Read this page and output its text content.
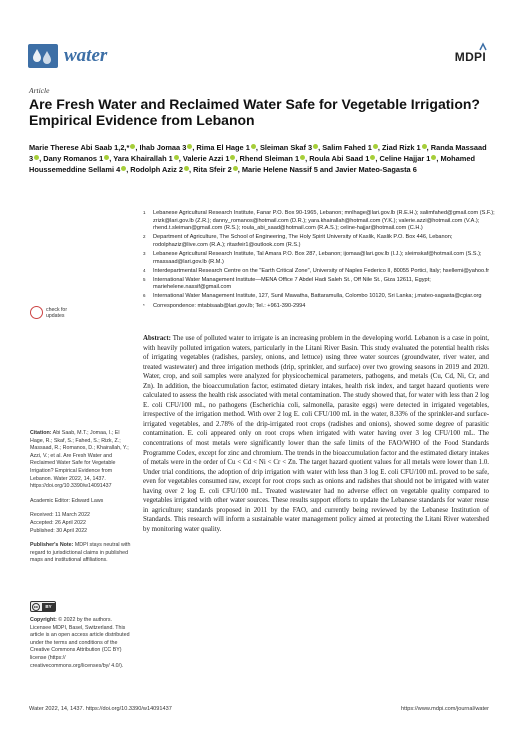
water	MDPI
Article
Are Fresh Water and Reclaimed Water Safe for Vegetable Irrigation? Empirical Evidence from Lebanon
Marie Therese Abi Saab 1,2,* , Ihab Jomaa 3 , Rima El Hage 1 , Sleiman Skaf 3 , Salim Fahed 1 , Ziad Rizk 1 , Randa Massaad 3 , Dany Romanos 1 , Yara Khairallah 1 , Valerie Azzi 1 , Rhend Sleiman 1 , Roula Abi Saad 1 , Celine Hajjar 1 , Mohamed Houssemeddine Sellami 4 , Rodolph Aziz 2 , Rita Sfeir 2 , Marie Helene Nassif 5 and Javier Mateo-Sagasta 6
1 Lebanese Agricultural Research Institute, Fanar P.O. Box 90-1965, Lebanon; mnlhage@lari.gov.lb (R.E.H.); salimfahed@gmail.com (S.F.); zrizk@lari.gov.lb (Z.R.); danny_romanos@hotmail.com (D.R.); yara.khairallah@hotmail.com (Y.K.); valerie.azzi@hotmail.com (V.A.); rhend.t.sleiman@gmail.com (R.S.); roula_abi_saad@hotmail.com (R.A.S.); celine-hajjar@hotmail.com (C.H.)
2 Department of Agriculture, The School of Engineering, The Holy Spirit University of Kaslik, Kaslik P.O. Box 446, Lebanon; rodolphaziz@live.com (R.A.); ritasfeir1@outlook.com (R.S.)
3 Lebanese Agricultural Research Institute, Tal Amara P.O. Box 287, Lebanon; ijomaa@lari.gov.lb (I.J.); sleimskaf@hotmail.com (S.S.); rmassaad@lari.gov.lb (R.M.)
4 Interdepartmental Research Centre on the "Earth Critical Zone", University of Naples Federico II, 80055 Portici, Italy; hsellemi@yahoo.fr
5 International Water Management Institute—MENA Office 7 Abdel Hadi Saleh St., Off Nile St., Giza 12611, Egypt; mariehelene.nassif@gmail.com
6 International Water Management Institute, 127, Sunil Mawatha, Battaramulla, Colombo 10120, Sri Lanka; j.mateo-sagasta@cgiar.org
* Correspondence: mtabisaab@lari.gov.lb; Tel.: +961-390-2994
check for
updates
Citation: Abi Saab, M.T.; Jomaa, I.; El Hage, R.; Skaf, S.; Fahed, S.; Rizk, Z.; Massaad, R.; Romanos, D.; Khairallah, Y.; Azzi, V.; et al. Are Fresh Water and Reclaimed Water Safe for Vegetable Irrigation? Empirical Evidence from Lebanon. Water 2022, 14, 1437. https://doi.org/10.3390/w14091437
Academic Editor: Edward Laws
Received: 11 March 2022
Accepted: 26 April 2022
Published: 30 April 2022
Publisher's Note: MDPI stays neutral with regard to jurisdictional claims in published maps and institutional affiliations.
cc	BY
Copyright: © 2022 by the authors. Licensee MDPI, Basel, Switzerland. This article is an open access article distributed under the terms and conditions of the Creative Commons Attribution (CC BY) license (https:// creativecommons.org/licenses/by/ 4.0/).
Abstract: The use of polluted water to irrigate is an increasing problem in the developing world. Lebanon is a case in point, with heavily polluted irrigation waters, particularly in the Litani River Basin. This study evaluated the potential health risks of irrigating vegetables (radishes, parsley, onions, and lettuce) using three water sources (groundwater, river water, and treated wastewater) and three irrigation methods (drip, sprinkler, and surface) over two growing seasons in 2019 and 2020. Water, crop, and soil samples were analyzed for physicochemical parameters, pathogens, and metals (Cu, Cd, Ni, Cr, and Zn). In addition, the bioaccumulation factor, estimated dietary intakes, health risk index, and target hazard quotients were calculated to assess the health risk associated with metal contamination. The study showed that, for water with less than 2 log E. coli CFU/100 mL, no pathogens (Escherichia coli, salmonella, parasite eggs) were detected in irrigated vegetables, irrespective of the irrigation method. With over 2 log E. coli CFU/100 mL in the water, 8.33% of the sprinkler-and surface-irrigated vegetables, and 2.78% of the drip-irrigated root crops (radishes and onions), showed some degree of parasitic contamination. E. coli appeared only on root crops when irrigated with water having over 3 log CFU/100 mL. The concentrations of most metals were significantly lower than the safe limits of the FAO/WHO of the Food Standards Programme Codex, except for zinc and chromium. The trends in the bioaccumulation factor and the estimated dietary intakes of metals were in the order of Cu < Cd < Ni < Cr < Zn. The target hazard quotient values for all metals were lower than 1.0. Under trial conditions, the adoption of drip irrigation with water with less than 3 log E. coli CFU/100 mL proved to be safe, even for vegetables consumed raw, except for root crops such as onions and radishes that should not be irrigated with water having over 2 log E. coli CFU/100 mL. Treated wastewater had no adverse effect on vegetable quality compared to vegetables irrigated with other water sources. These results support efforts to update the Lebanese standards for water reuse in agriculture; standards proposed in 2011 by the FAO, and currently being reviewed by the Lebanese Institution of Standards. This research will inform a sustainable water management policy aimed at protecting the Litani River watershed by monitoring water quality.
Water 2022, 14, 1437. https://doi.org/10.3390/w14091437	https://www.mdpi.com/journal/water
